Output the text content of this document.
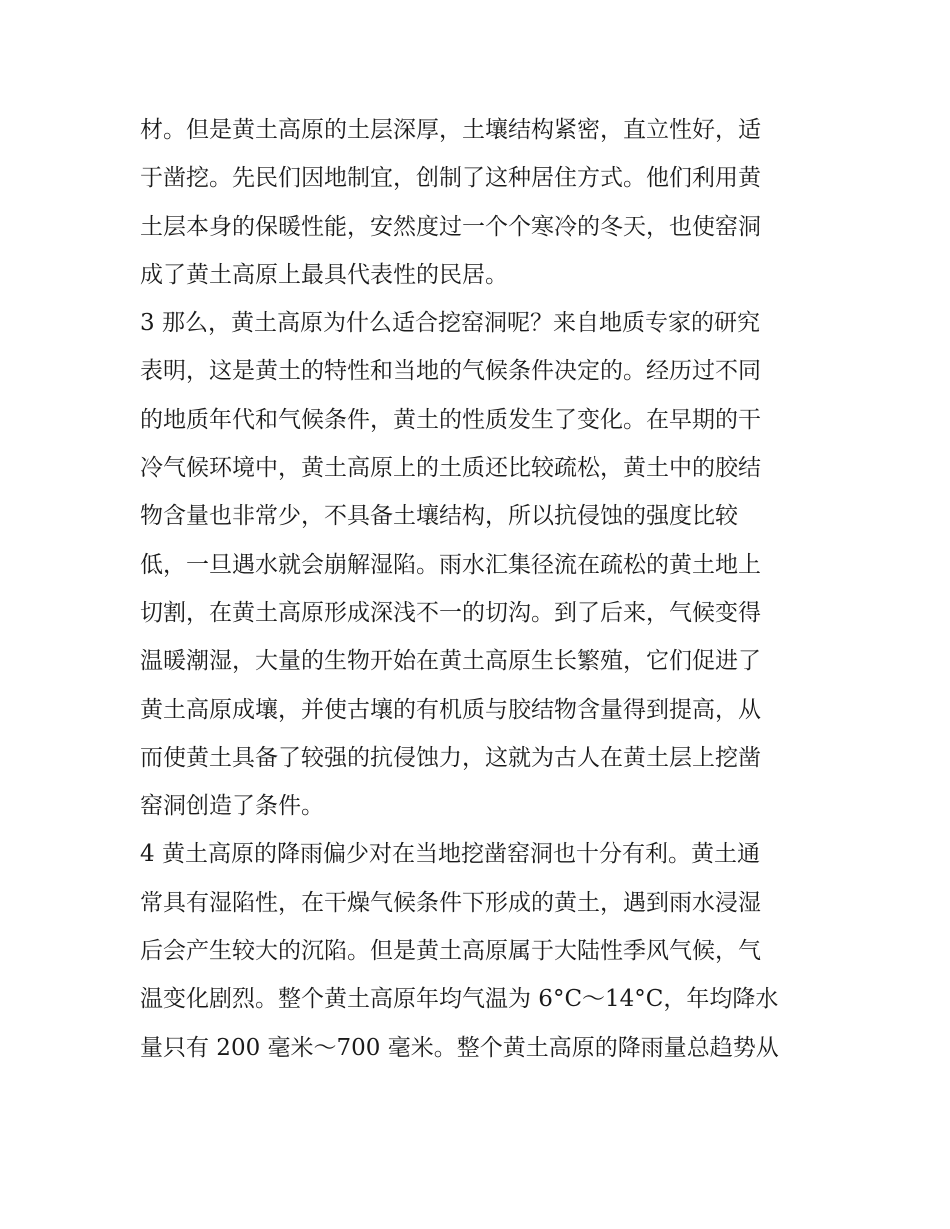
材。但是黄土高原的土层深厚，土壤结构紧密，直立性好，适
于凿挖。先民们因地制宜，创制了这种居住方式。他们利用黄
土层本身的保暖性能，安然度过一个个寒冷的冬天，也使窑洞
成了黄土高原上最具代表性的民居。
3 那么，黄土高原为什么适合挖窑洞呢？来自地质专家的研究
表明，这是黄土的特性和当地的气候条件决定的。经历过不同
的地质年代和气候条件，黄土的性质发生了变化。在早期的干
冷气候环境中，黄土高原上的土质还比较疏松，黄土中的胶结
物含量也非常少，不具备土壤结构，所以抗侵蚀的强度比较
低，一旦遇水就会崩解湿陷。雨水汇集径流在疏松的黄土地上
切割，在黄土高原形成深浅不一的切沟。到了后来，气候变得
温暖潮湿，大量的生物开始在黄土高原生长繁殖，它们促进了
黄土高原成壤，并使古壤的有机质与胶结物含量得到提高，从
而使黄土具备了较强的抗侵蚀力，这就为古人在黄土层上挖凿
窑洞创造了条件。
4 黄土高原的降雨偏少对在当地挖凿窑洞也十分有利。黄土通
常具有湿陷性，在干燥气候条件下形成的黄土，遇到雨水浸湿
后会产生较大的沉陷。但是黄土高原属于大陆性季风气候，气
温变化剧烈。整个黄土高原年均气温为 6°C～14°C，年均降水
量只有 200 毫米～700 毫米。整个黄土高原的降雨量总趋势从
